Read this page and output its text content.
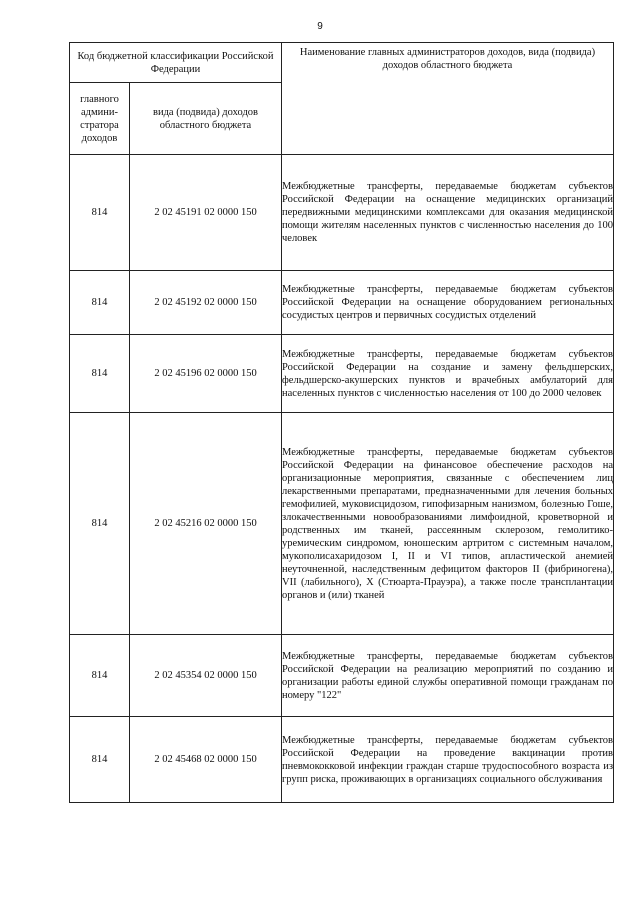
9
Код бюджетной классификации Российской Федерации		Наименование главных администраторов доходов, вида (подвида) доходов областного бюджета
главного админи-стратора доходов	вида (подвида) доходов областного бюджета	
814	2 02 45191 02 0000 150	Межбюджетные трансферты, передаваемые бюджетам субъектов Российской Федерации на оснащение медицинских организаций передвижными медицинскими комплексами для оказания медицинской помощи жителям населенных пунктов с численностью населения до 100 человек
814	2 02 45192 02 0000 150	Межбюджетные трансферты, передаваемые бюджетам субъектов Российской Федерации на оснащение оборудованием региональных сосудистых центров и первичных сосудистых отделений
814	2 02 45196 02 0000 150	Межбюджетные трансферты, передаваемые бюджетам субъектов Российской Федерации на создание и замену фельдшерских, фельдшерско-акушерских пунктов и врачебных амбулаторий для населенных пунктов с численностью населения от 100 до 2000 человек
814	2 02 45216 02 0000 150	Межбюджетные трансферты, передаваемые бюджетам субъектов Российской Федерации на финансовое обеспечение расходов на организационные мероприятия, связанные с обеспечением лиц лекарственными препаратами, предназначенными для лечения больных гемофилией, муковисцидозом, гипофизарным нанизмом, болезнью Гоше, злокачественными новообразованиями лимфоидной, кроветворной и родственных им тканей, рассеянным склерозом, гемолитико-уремическим синдромом, юношеским артритом с системным началом, мукополисахаридозом I, II и VI типов, апластической анемией неуточненной, наследственным дефицитом факторов II (фибриногена), VII (лабильного), X (Стюарта-Прауэра), а также после трансплантации органов и (или) тканей
814	2 02 45354 02 0000 150	Межбюджетные трансферты, передаваемые бюджетам субъектов Российской Федерации на реализацию мероприятий по созданию и организации работы единой службы оперативной помощи гражданам по номеру "122"
814	2 02 45468 02 0000 150	Межбюджетные трансферты, передаваемые бюджетам субъектов Российской Федерации на проведение вакцинации против пневмококковой инфекции граждан старше трудоспособного возраста из групп риска, проживающих в организациях социального обслуживания
